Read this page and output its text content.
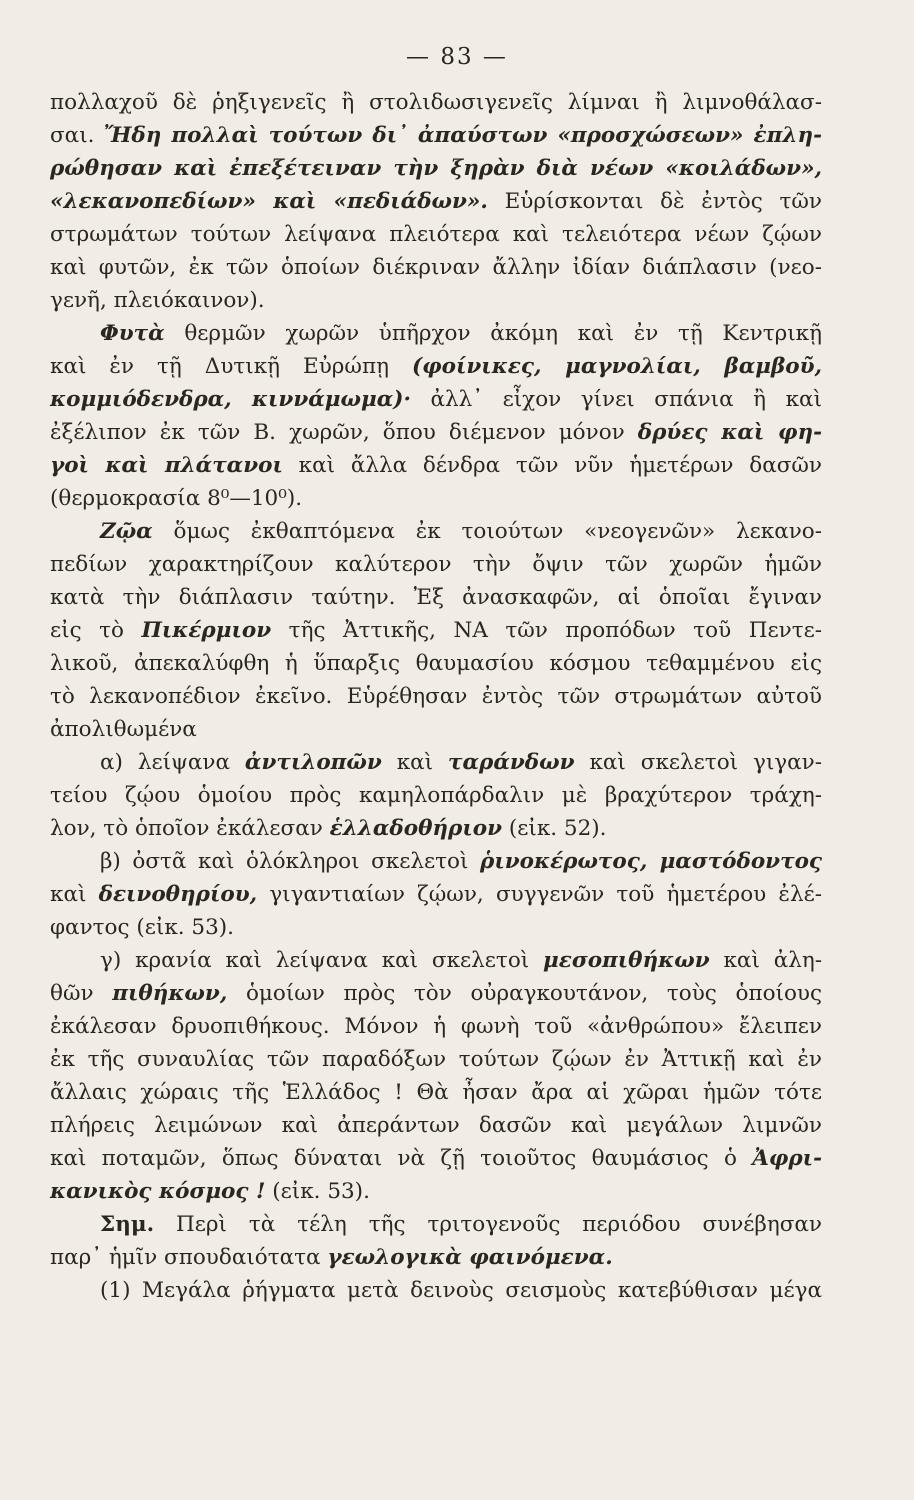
— 83 —
πολλαχοῦ δὲ ῥηξιγενεῖς ἢ στολιδωσιγενεῖς λίμναι ἢ λιμνοθάλασ-
σαι. Ἤδη πολλαὶ τούτων δι᾽ ἀπαύστων «προσχώσεων» ἐπλη-
ρώθησαν καὶ ἐπεξέτειναν τὴν ξηρὰν διὰ νέων «κοιλάδων»,
«λεκανοπεδίων» καὶ «πεδιάδων». Εὑρίσκονται δὲ ἐντὸς τῶν
στρωμάτων τούτων λείψανα πλειότερα καὶ τελειότερα νέων ζῴων
καὶ φυτῶν, ἐκ τῶν ὁποίων διέκριναν ἄλλην ἰδίαν διάπλασιν (νεο-
γενῆ, πλειόκαινον).
Φυτὰ θερμῶν χωρῶν ὑπῆρχον ἀκόμη καὶ ἐν τῇ Κεντρικῇ
καὶ ἐν τῇ Δυτικῇ Εὐρώπῃ (φοίνικες, μαγνολίαι, βαμβοῦ,
κομμιόδενδρα, κιννάμωμα)· ἀλλ᾽ εἶχον γίνει σπάνια ἢ καὶ
ἐξέλιπον ἐκ τῶν Β. χωρῶν, ὅπου διέμενον μόνον δρύες καὶ φη-
γοὶ καὶ πλάτανοι καὶ ἄλλα δένδρα τῶν νῦν ἡμετέρων δασῶν
(θερμοκρασία 8⁰—10⁰).
Ζῷα ὅμως ἐκθαπτόμενα ἐκ τοιούτων «νεογενῶν» λεκανο-
πεδίων χαρακτηρίζουν καλύτερον τὴν ὄψιν τῶν χωρῶν ἡμῶν
κατὰ τὴν διάπλασιν ταύτην. Ἐξ ἀνασκαφῶν, αἱ ὁποῖαι ἔγιναν
εἰς τὸ Πικέρμιον τῆς Ἀττικῆς, ΝΑ τῶν προπόδων τοῦ Πεντε-
λικοῦ, ἀπεκαλύφθη ἡ ὕπαρξις θαυμασίου κόσμου τεθαμμένου εἰς
τὸ λεκανοπέδιον ἐκεῖνο. Εὑρέθησαν ἐντὸς τῶν στρωμάτων αὐτοῦ
ἀπολιθωμένα
α) λείψανα ἀντιλοπῶν καὶ ταράνδων καὶ σκελετοὶ γιγαν-
τείου ζῴου ὁμοίου πρὸς καμηλοπάρδαλιν μὲ βραχύτερον τράχη-
λον, τὸ ὁποῖον ἐκάλεσαν ἑλλαδοθήριον (εἰκ. 52).
β) ὀστᾶ καὶ ὁλόκληροι σκελετοὶ ῥινοκέρωτος, μαστόδοντος
καὶ δεινοθηρίου, γιγαντιαίων ζῴων, συγγενῶν τοῦ ἡμετέρου ἐλέ-
φαντος (εἰκ. 53).
γ) κρανία καὶ λείψανα καὶ σκελετοὶ μεσοπιθήκων καὶ ἀλη-
θῶν πιθήκων, ὁμοίων πρὸς τὸν οὐραγκουτάνον, τοὺς ὁποίους
ἐκάλεσαν δρυοπιθήκους. Μόνον ἡ φωνὴ τοῦ «ἀνθρώπου» ἔλειπεν
ἐκ τῆς συναυλίας τῶν παραδόξων τούτων ζῴων ἐν Ἀττικῇ καὶ ἐν
ἄλλαις χώραις τῆς Ἑλλάδος ! Θὰ ἦσαν ἄρα αἱ χῶραι ἡμῶν τότε
πλήρεις λειμώνων καὶ ἀπεράντων δασῶν καὶ μεγάλων λιμνῶν
καὶ ποταμῶν, ὅπως δύναται νὰ ζῇ τοιοῦτος θαυμάσιος ὁ Ἀφρι-
κανικὸς κόσμος ! (εἰκ. 53).
Σημ. Περὶ τὰ τέλη τῆς τριτογενοῦς περιόδου συνέβησαν
παρ᾽ ἡμῖν σπουδαιότατα γεωλογικὰ φαινόμενα.
(1) Μεγάλα ῥήγματα μετὰ δεινοὺς σεισμοὺς κατεβύθισαν μέγα
